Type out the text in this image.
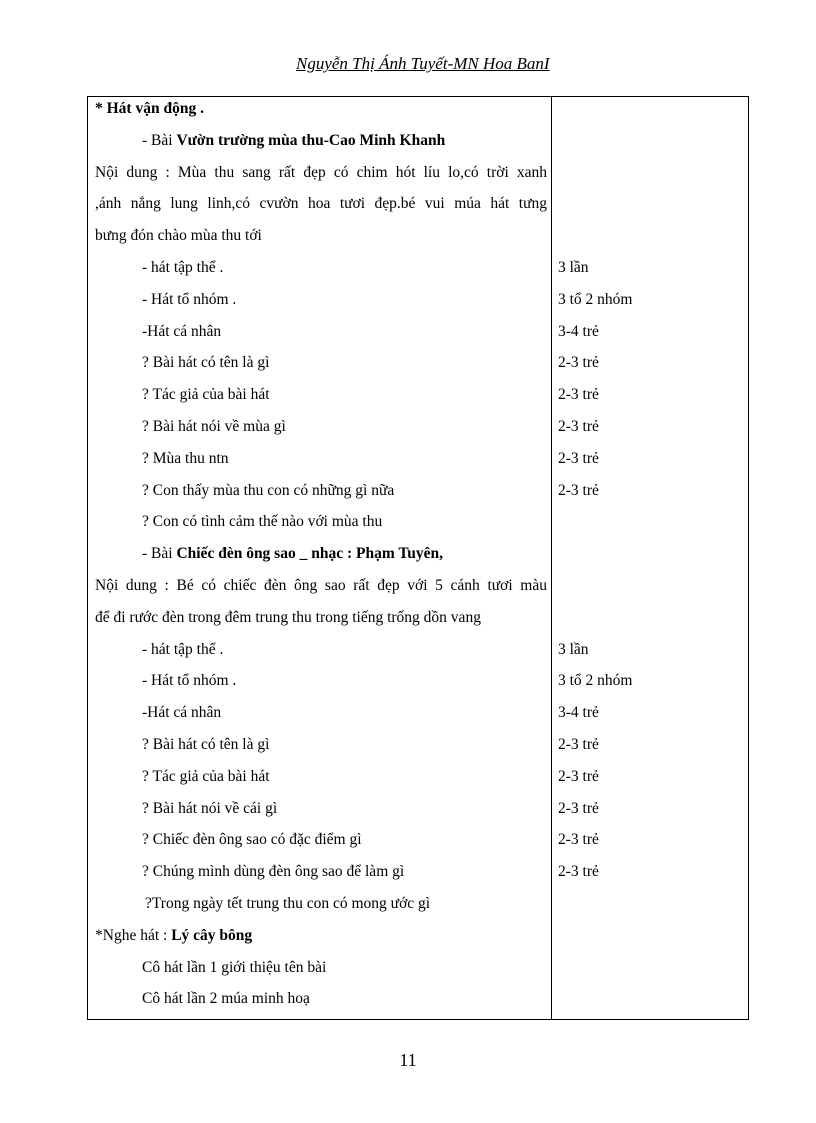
Nguyễn Thị Ánh Tuyết-MN Hoa BanI
* Hát vận động .
- Bài Vườn trường mùa thu-Cao Minh Khanh
Nội dung : Mùa thu sang rất đẹp có chim hót líu lo,có trời xanh
,ánh nắng lung linh,có cvườn hoa tươi đẹp.bé vui múa hát tưng
bưng đón chào mùa thu tới
- hát tập thể .	3 lần
- Hát tổ nhóm .	3 tổ 2 nhóm
-Hát cá nhân	3-4 trẻ
? Bài hát có tên là gì	2-3 trẻ
? Tác giả của bài hát	2-3 trẻ
? Bài hát nói về mùa gì	2-3 trẻ
? Mùa thu ntn	2-3 trẻ
? Con thấy mùa thu con có những gì nữa	2-3 trẻ
? Con có tình cảm thế nào với mùa thu
- Bài Chiếc đèn ông sao _ nhạc : Phạm Tuyên,
Nội dung : Bé có chiếc đèn ông sao rất đẹp với 5 cánh tươi màu
để đi rước đèn trong đêm trung thu trong tiếng trống dồn vang
- hát tập thể .	3 lần
- Hát tổ nhóm .	3 tổ 2 nhóm
-Hát cá nhân	3-4 trẻ
? Bài hát có tên là gì	2-3 trẻ
? Tác giả của bài hát	2-3 trẻ
? Bài hát nói về cái gì	2-3 trẻ
? Chiếc đèn ông sao có đặc điểm gì	2-3 trẻ
? Chúng mình dùng đèn ông sao để làm gì	2-3 trẻ
?Trong ngày tết trung thu con có mong ước gì
*Nghe hát : Lý cây bông
Cô hát lần 1 giới thiệu tên bài
Cô hát lần 2 múa minh hoạ
11
